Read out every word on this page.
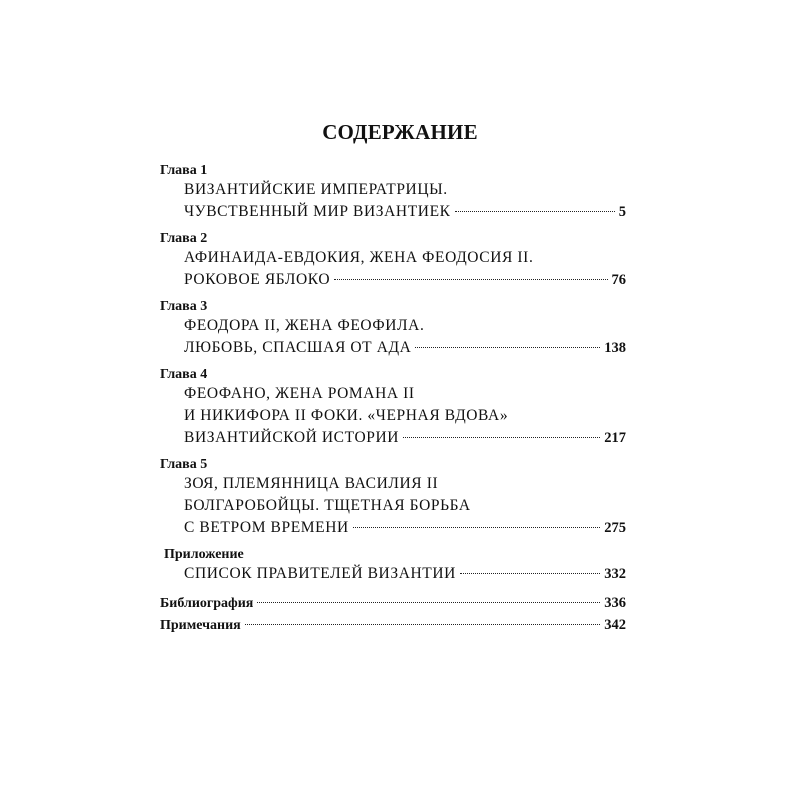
СОДЕРЖАНИЕ
Глава 1
ВИЗАНТИЙСКИЕ ИМПЕРАТРИЦЫ.
ЧУВСТВЕННЫЙ МИР ВИЗАНТИЕК	5
Глава 2
АФИНАИДА-ЕВДОКИЯ, ЖЕНА ФЕОДОСИЯ II.
РОКОВОЕ ЯБЛОКО	76
Глава 3
ФЕОДОРА II, ЖЕНА ФЕОФИЛА.
ЛЮБОВЬ, СПАСШАЯ ОТ АДА	138
Глава 4
ФЕОФАНО, ЖЕНА РОМАНА II
И НИКИФОРА II ФОКИ. «ЧЕРНАЯ ВДОВА»
ВИЗАНТИЙСКОЙ ИСТОРИИ	217
Глава 5
ЗОЯ, ПЛЕМЯННИЦА ВАСИЛИЯ II
БОЛГАРОБОЙЦЫ. ТЩЕТНАЯ БОРЬБА
С ВЕТРОМ ВРЕМЕНИ	275
Приложение
СПИСОК ПРАВИТЕЛЕЙ ВИЗАНТИИ	332
Библиография	336
Примечания	342
